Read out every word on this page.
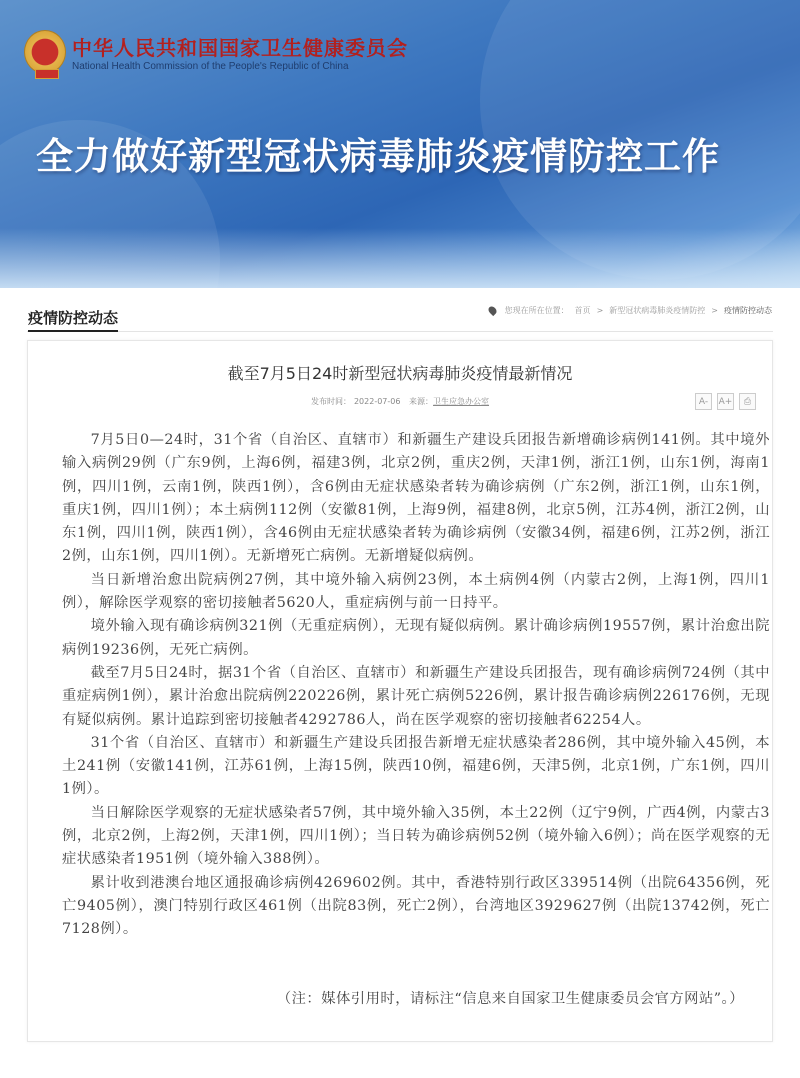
中华人民共和国国家卫生健康委员会
National Health Commission of the People's Republic of China
全力做好新型冠状病毒肺炎疫情防控工作
疫情防控动态	您现在所在位置： 首页 > 新型冠状病毒肺炎疫情防控 > 疫情防控动态
截至7月5日24时新型冠状病毒肺炎疫情最新情况
发布时间： 2022-07-06 来源：卫生应急办公室	A-	A+	⎙

7月5日0—24时，31个省（自治区、直辖市）和新疆生产建设兵团报告新增确诊病例141例。其中境外输入病例29例（广东9例，上海6例，福建3例，北京2例，重庆2例，天津1例，浙江1例，山东1例，海南1例，四川1例，云南1例，陕西1例），含6例由无症状感染者转为确诊病例（广东2例，浙江1例，山东1例，重庆1例，四川1例）；本土病例112例（安徽81例，上海9例，福建8例，北京5例，江苏4例，浙江2例，山东1例，四川1例，陕西1例），含46例由无症状感染者转为确诊病例（安徽34例，福建6例，江苏2例，浙江2例，山东1例，四川1例）。无新增死亡病例。无新增疑似病例。

当日新增治愈出院病例27例，其中境外输入病例23例，本土病例4例（内蒙古2例，上海1例，四川1例），解除医学观察的密切接触者5620人，重症病例与前一日持平。

境外输入现有确诊病例321例（无重症病例），无现有疑似病例。累计确诊病例19557例，累计治愈出院病例19236例，无死亡病例。

截至7月5日24时，据31个省（自治区、直辖市）和新疆生产建设兵团报告，现有确诊病例724例（其中重症病例1例），累计治愈出院病例220226例，累计死亡病例5226例，累计报告确诊病例226176例，无现有疑似病例。累计追踪到密切接触者4292786人，尚在医学观察的密切接触者62254人。

31个省（自治区、直辖市）和新疆生产建设兵团报告新增无症状感染者286例，其中境外输入45例，本土241例（安徽141例，江苏61例，上海15例，陕西10例，福建6例，天津5例，北京1例，广东1例，四川1例）。

当日解除医学观察的无症状感染者57例，其中境外输入35例，本土22例（辽宁9例，广西4例，内蒙古3例，北京2例，上海2例，天津1例，四川1例）；当日转为确诊病例52例（境外输入6例）；尚在医学观察的无症状感染者1951例（境外输入388例）。

累计收到港澳台地区通报确诊病例4269602例。其中，香港特别行政区339514例（出院64356例，死亡9405例），澳门特别行政区461例（出院83例，死亡2例），台湾地区3929627例（出院13742例，死亡7128例）。

（注：媒体引用时，请标注“信息来自国家卫生健康委员会官方网站”。）
